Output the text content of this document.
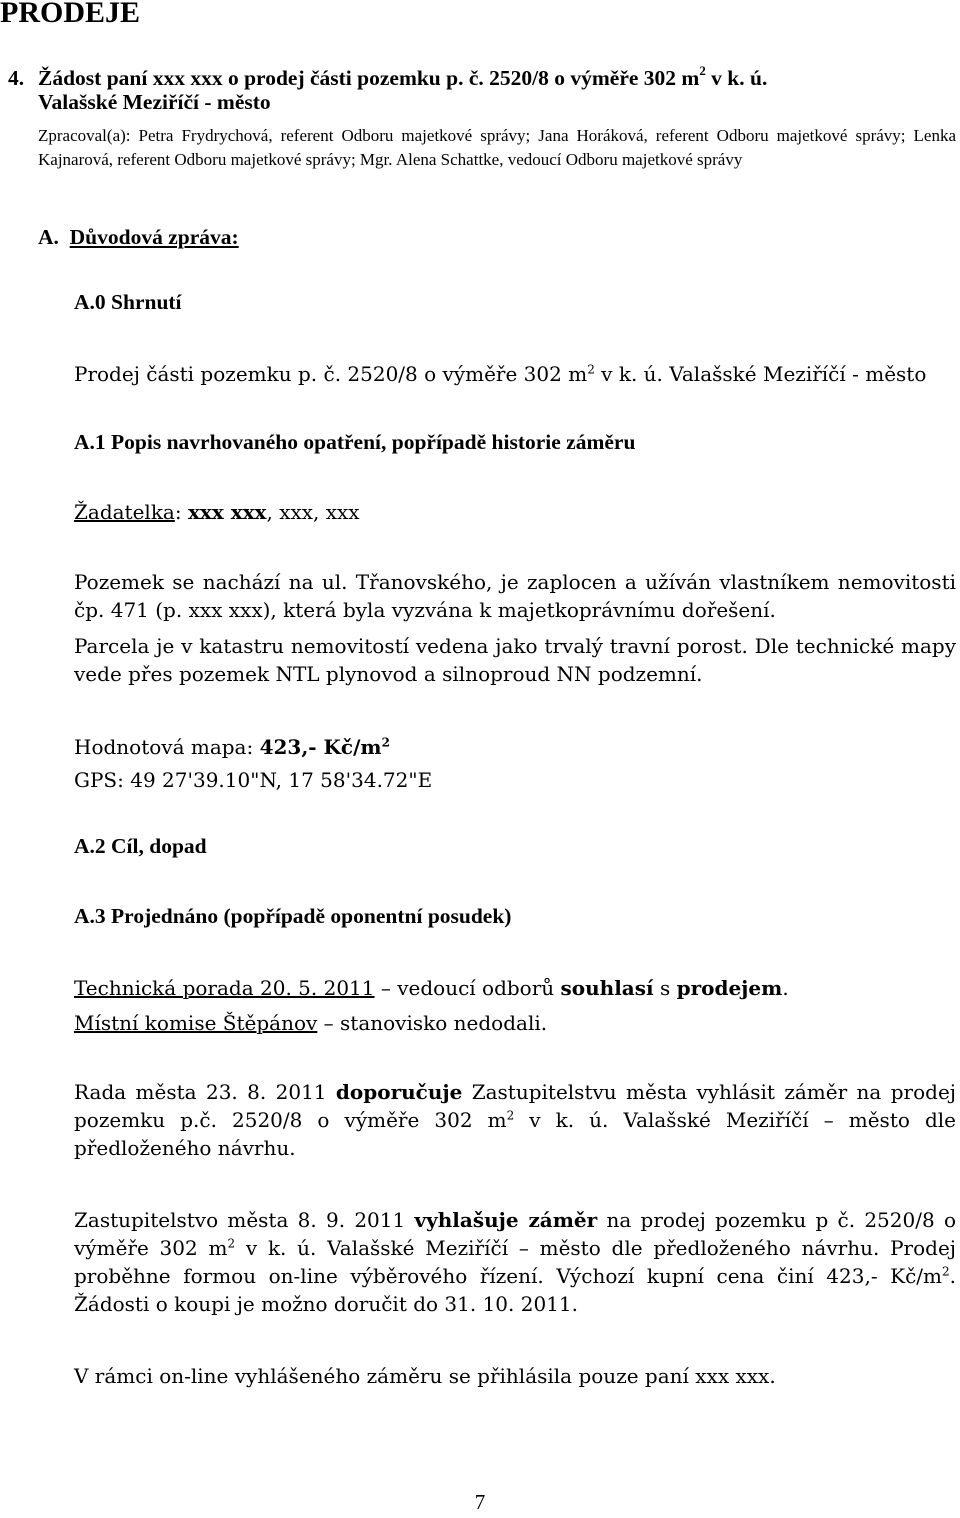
PRODEJE
4. Žádost paní xxx xxx o prodej části pozemku p. č. 2520/8 o výměře 302 $m^2$ v k. ú.
Valašské Meziříčí - město
Zpracoval(a): Petra Frydrychová, referent Odboru majetkové správy; Jana Horáková, referent Odboru majetkové správy; Lenka Kajnarová, referent Odboru majetkové správy; Mgr. Alena Schattke, vedoucí Odboru majetkové správy
A. Důvodová zpráva:
A.0 Shrnutí

Prodej části pozemku p. č. 2520/8 o výměře 302 $m^2$ v k. ú. Valašské Meziříčí - město

A.1 Popis navrhovaného opatření, popřípadě historie záměru

Žadatelka: xxx xxx, xxx, xxx

Pozemek se nachází na ul. Třanovského, je zaplocen a užíván vlastníkem nemovitosti čp. 471 (p. xxx xxx), která byla vyzvána k majetkoprávnímu dořešení.
Parcela je v katastru nemovitostí vedena jako trvalý travní porost. Dle technické mapy vede přes pozemek NTL plynovod a silnoproud NN podzemní.

Hodnotová mapa: 423,- $Kč/m^2$

GPS: 49 27'39.10"N, 17 58'34.72"E
A.2 Cíl, dopad
A.3 Projednáno (popřípadě oponentní posudek)

Technická porada 20. 5. 2011 – vedoucí odborů souhlasí s prodejem.

Místní komise Štěpánov – stanovisko nedodali.

Rada města 23. 8. 2011 doporučuje Zastupitelstvu města vyhlásit záměr na prodej pozemku p.č. 2520/8 o výměře 302 $m^2$ v k. ú. Valašské Meziříčí – město dle předloženého návrhu.

Zastupitelstvo města 8. 9. 2011 vyhlašuje záměr na prodej pozemku p č. 2520/8 o výměře 302 $m^2$ v k. ú. Valašské Meziříčí – město dle předloženého návrhu. Prodej proběhne formou on-line výběrového řízení. Výchozí kupní cena činí 423,- $Kč/m^2$. Žádosti o koupi je možno doručit do 31. 10. 2011.

V rámci on-line vyhlášeného záměru se přihlásila pouze paní xxx xxx.
7
